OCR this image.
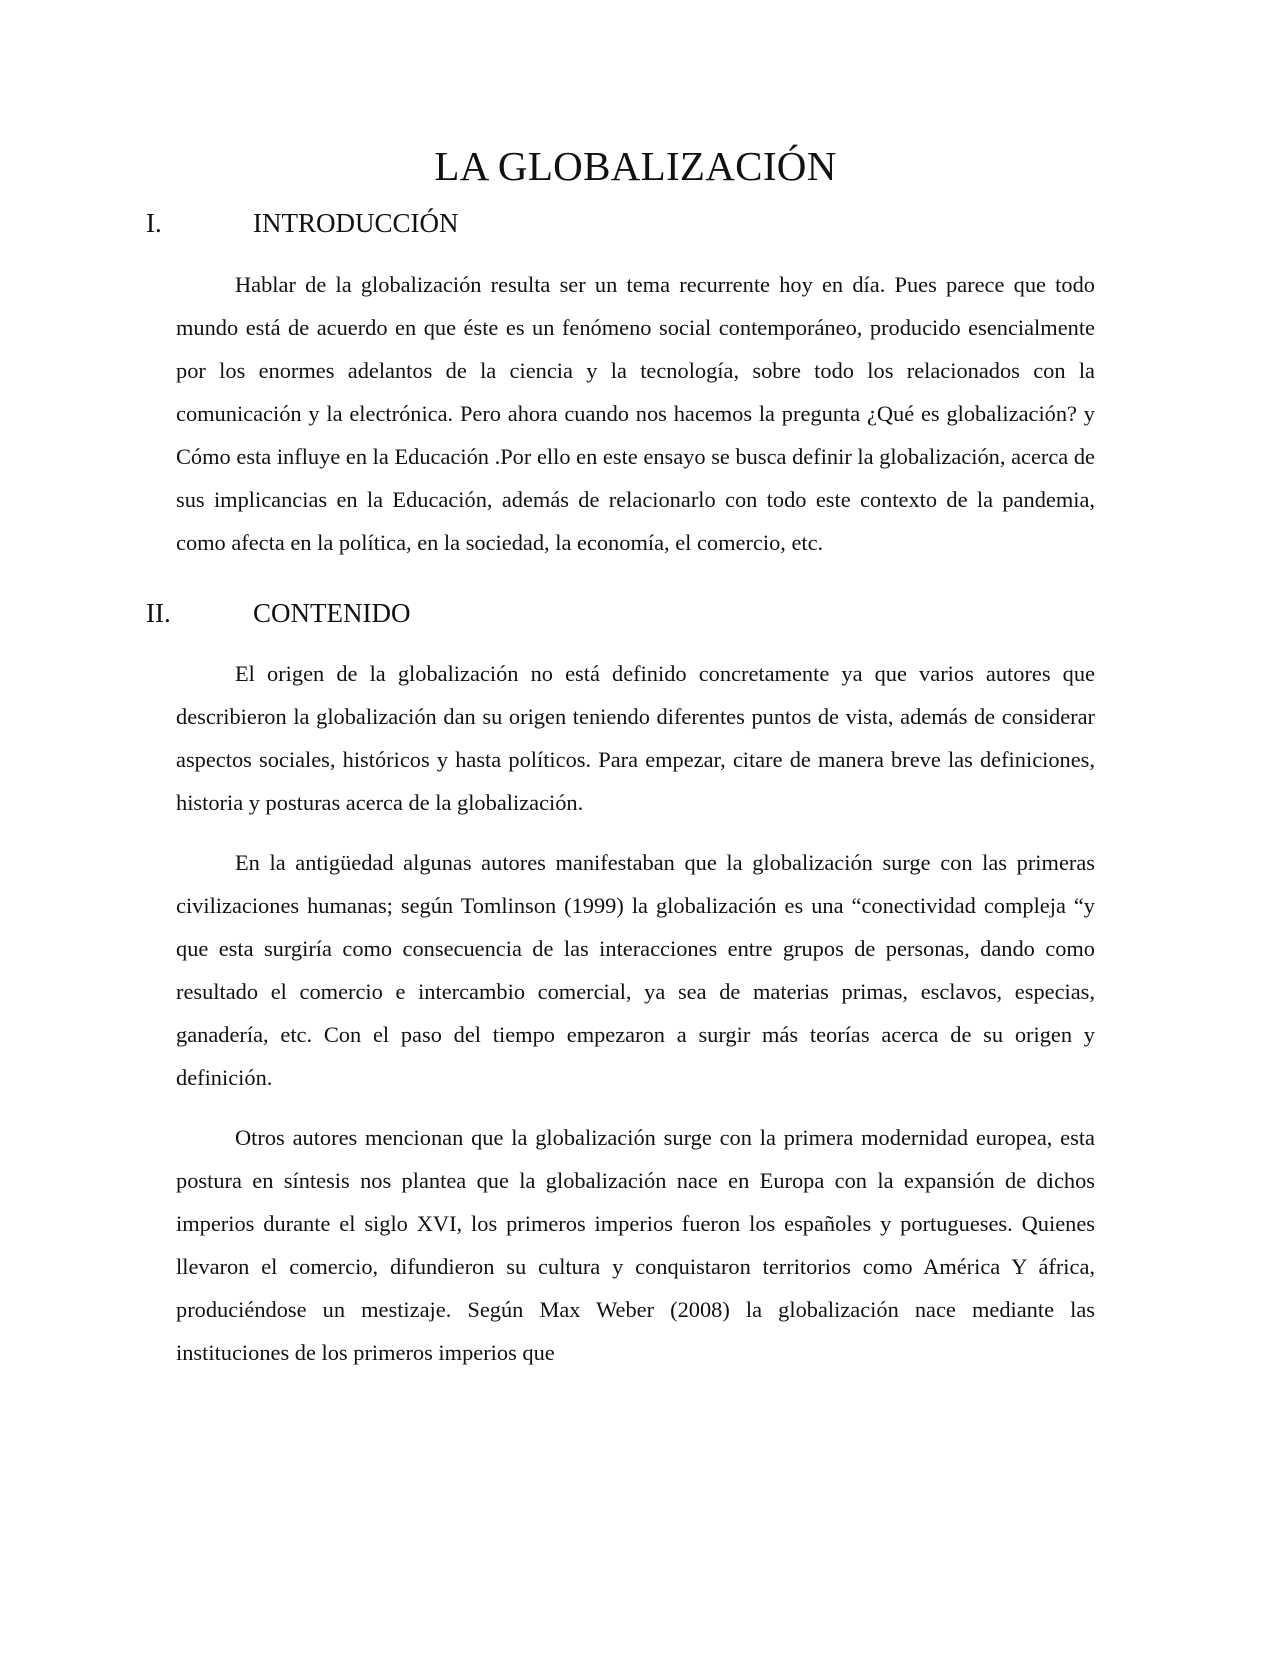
LA GLOBALIZACIÓN
I.	INTRODUCCIÓN

Hablar de la globalización resulta ser un tema recurrente hoy en día. Pues parece que todo mundo está de acuerdo en que éste es un fenómeno social contemporáneo, producido esencialmente por los enormes adelantos de la ciencia y la tecnología, sobre todo los relacionados con la comunicación y la electrónica. Pero ahora cuando nos hacemos la pregunta ¿Qué es globalización? y Cómo esta influye en la Educación .Por ello en este ensayo se busca definir la globalización, acerca de sus implicancias en la Educación, además de relacionarlo con todo este contexto de la pandemia, como afecta en la política, en la sociedad, la economía, el comercio, etc.

II.	CONTENIDO

El origen de la globalización no está definido concretamente ya que varios autores que describieron la globalización dan su origen teniendo diferentes puntos de vista, además de considerar aspectos sociales, históricos y hasta políticos. Para empezar, citare de manera breve las definiciones, historia y posturas acerca de la globalización.

En la antigüedad algunas autores manifestaban que la globalización surge con las primeras civilizaciones humanas; según Tomlinson (1999) la globalización es una “conectividad compleja “y que esta surgiría como consecuencia de las interacciones entre grupos de personas, dando como resultado el comercio e intercambio comercial, ya sea de materias primas, esclavos, especias, ganadería, etc. Con el paso del tiempo empezaron a surgir más teorías acerca de su origen y definición.

Otros autores mencionan que la globalización surge con la primera modernidad europea, esta postura en síntesis nos plantea que la globalización nace en Europa con la expansión de dichos imperios durante el siglo XVI, los primeros imperios fueron los españoles y portugueses. Quienes llevaron el comercio, difundieron su cultura y conquistaron territorios como América Y áfrica, produciéndose un mestizaje. Según Max Weber (2008) la globalización nace mediante las instituciones de los primeros imperios que
